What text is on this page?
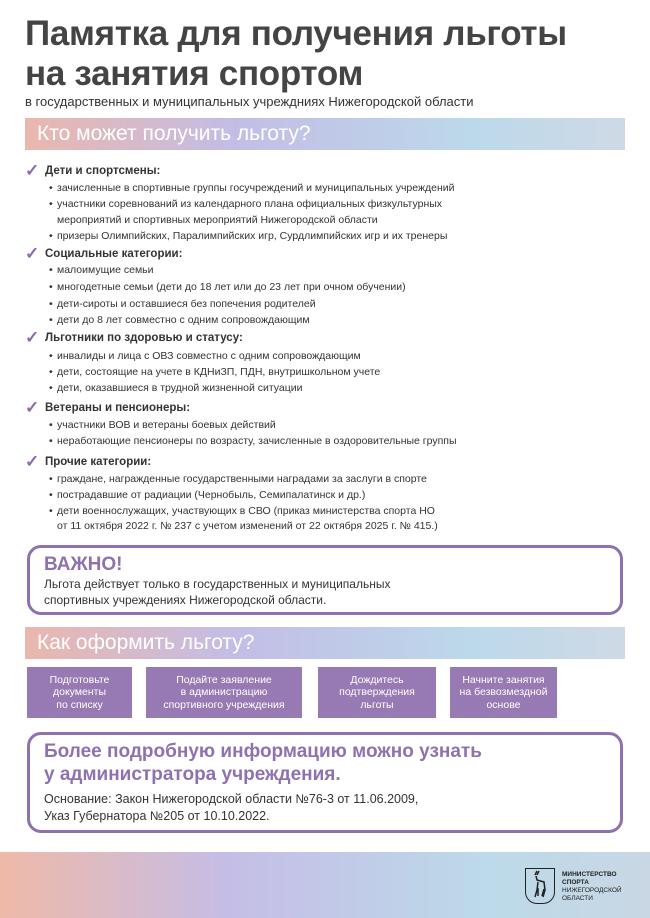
Памятка для получения льготы
на занятия спортом
в государственных и муниципальных учреждниях Нижегородской области
Кто может получить льготу?
✓ Дети и спортсмены:
• зачисленные в спортивные группы госучреждений и муниципальных учреждений
• участники соревнований из календарного плана официальных физкультурных
мероприятий и спортивных мероприятий Нижегородской области
• призеры Олимпийских, Паралимпийских игр, Сурдлимпийских игр и их тренеры
✓ Социальные категории:
• малоимущие семьи
• многодетные семьи (дети до 18 лет или до 23 лет при очном обучении)
• дети-сироты и оставшиеся без попечения родителей
• дети до 8 лет совместно с одним сопровождающим
✓ Льготники по здоровью и статусу:
• инвалиды и лица с ОВЗ совместно с одним сопровождающим
• дети, состоящие на учете в КДНиЗП, ПДН, внутришкольном учете
• дети, оказавшиеся в трудной жизненной ситуации
✓ Ветераны и пенсионеры:
• участники ВОВ и ветераны боевых действий
• неработающие пенсионеры по возрасту, зачисленные в оздоровительные группы
✓ Прочие категории:
• граждане, награжденные государственными наградами за заслуги в спорте
• пострадавшие от радиации (Чернобыль, Семипалатинск и др.)
• дети военнослужащих, участвующих в СВО (приказ министерства спорта НО
от 11 октября 2022 г. № 237 с учетом изменений от 22 октября 2025 г. № 415.)
ВАЖНО!
Льгота действует только в государственных и муниципальных
спортивных учреждениях Нижегородской области.
Как оформить льготу?
Подготовьте
документы
по списку
Подайте заявление
в администрацию
спортивного учреждения
Дождитесь
подтверждения
льготы
Начните занятия
на безвозмездной
основе
Более подробную информацию можно узнать
у администратора учреждения.
Основание: Закон Нижегородской области №76-3 от 11.06.2009,
Указ Губернатора №205 от 10.10.2022.
МИНИСТЕРСТВО
СПОРТА
НИЖЕГОРОДСКОЙ
ОБЛАСТИ
